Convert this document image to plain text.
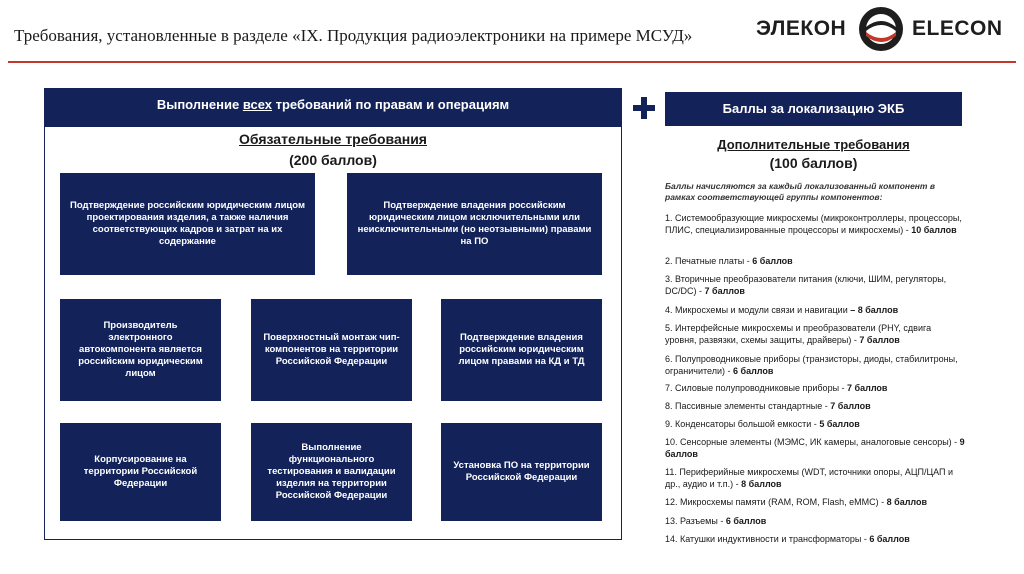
Требования, установленные в разделе «IX. Продукция радиоэлектроники на примере МСУД»	ЭЛЕКОН	ELECON
Выполнение всех требований по правам и операциям
Обязательные требования
(200 баллов)
Подтверждение российским юридическим лицом проектирования изделия, а также наличия соответствующих кадров и затрат на их содержание
Подтверждение владения российским юридическим лицом исключительными или неисключительными (но неотзывными) правами на ПО
Производитель электронного автокомпонента является российским юридическим лицом
Поверхностный монтаж чип-компонентов на территории Российской Федерации
Подтверждение владения российским юридическим лицом правами на КД и ТД
Корпусирование на территории Российской Федерации
Выполнение функционального тестирования и валидации изделия на территории Российской Федерации
Установка ПО на территории Российской Федерации
Баллы за локализацию ЭКБ
Дополнительные требования
(100 баллов)
Баллы начисляются за каждый локализованный компонент в рамках соответствующей группы компонентов:
1. Системообразующие микросхемы (микроконтроллеры, процессоры, ПЛИС, специализированные процессоры и микросхемы) - 10 баллов
2. Печатные платы - 6 баллов
3. Вторичные преобразователи питания (ключи, ШИМ, регуляторы, DC/DC) - 7 баллов
4. Микросхемы и модули связи и навигации – 8 баллов
5. Интерфейсные микросхемы и преобразователи (PHY, сдвига уровня, развязки, схемы защиты, драйверы) - 7 баллов
6. Полупроводниковые приборы (транзисторы, диоды, стабилитроны, ограничители) - 6 баллов
7. Силовые полупроводниковые приборы - 7 баллов
8. Пассивные элементы стандартные - 7 баллов
9. Конденсаторы большой емкости - 5 баллов
10. Сенсорные элементы (МЭМС, ИК камеры, аналоговые сенсоры) - 9 баллов
11. Периферийные микросхемы (WDT, источники опоры, АЦП/ЦАП и др., аудио и т.п.) - 8 баллов
12. Микросхемы памяти (RAM, ROM, Flash, eMMC) - 8 баллов
13. Разъемы - 6 баллов
14. Катушки индуктивности и трансформаторы - 6 баллов
